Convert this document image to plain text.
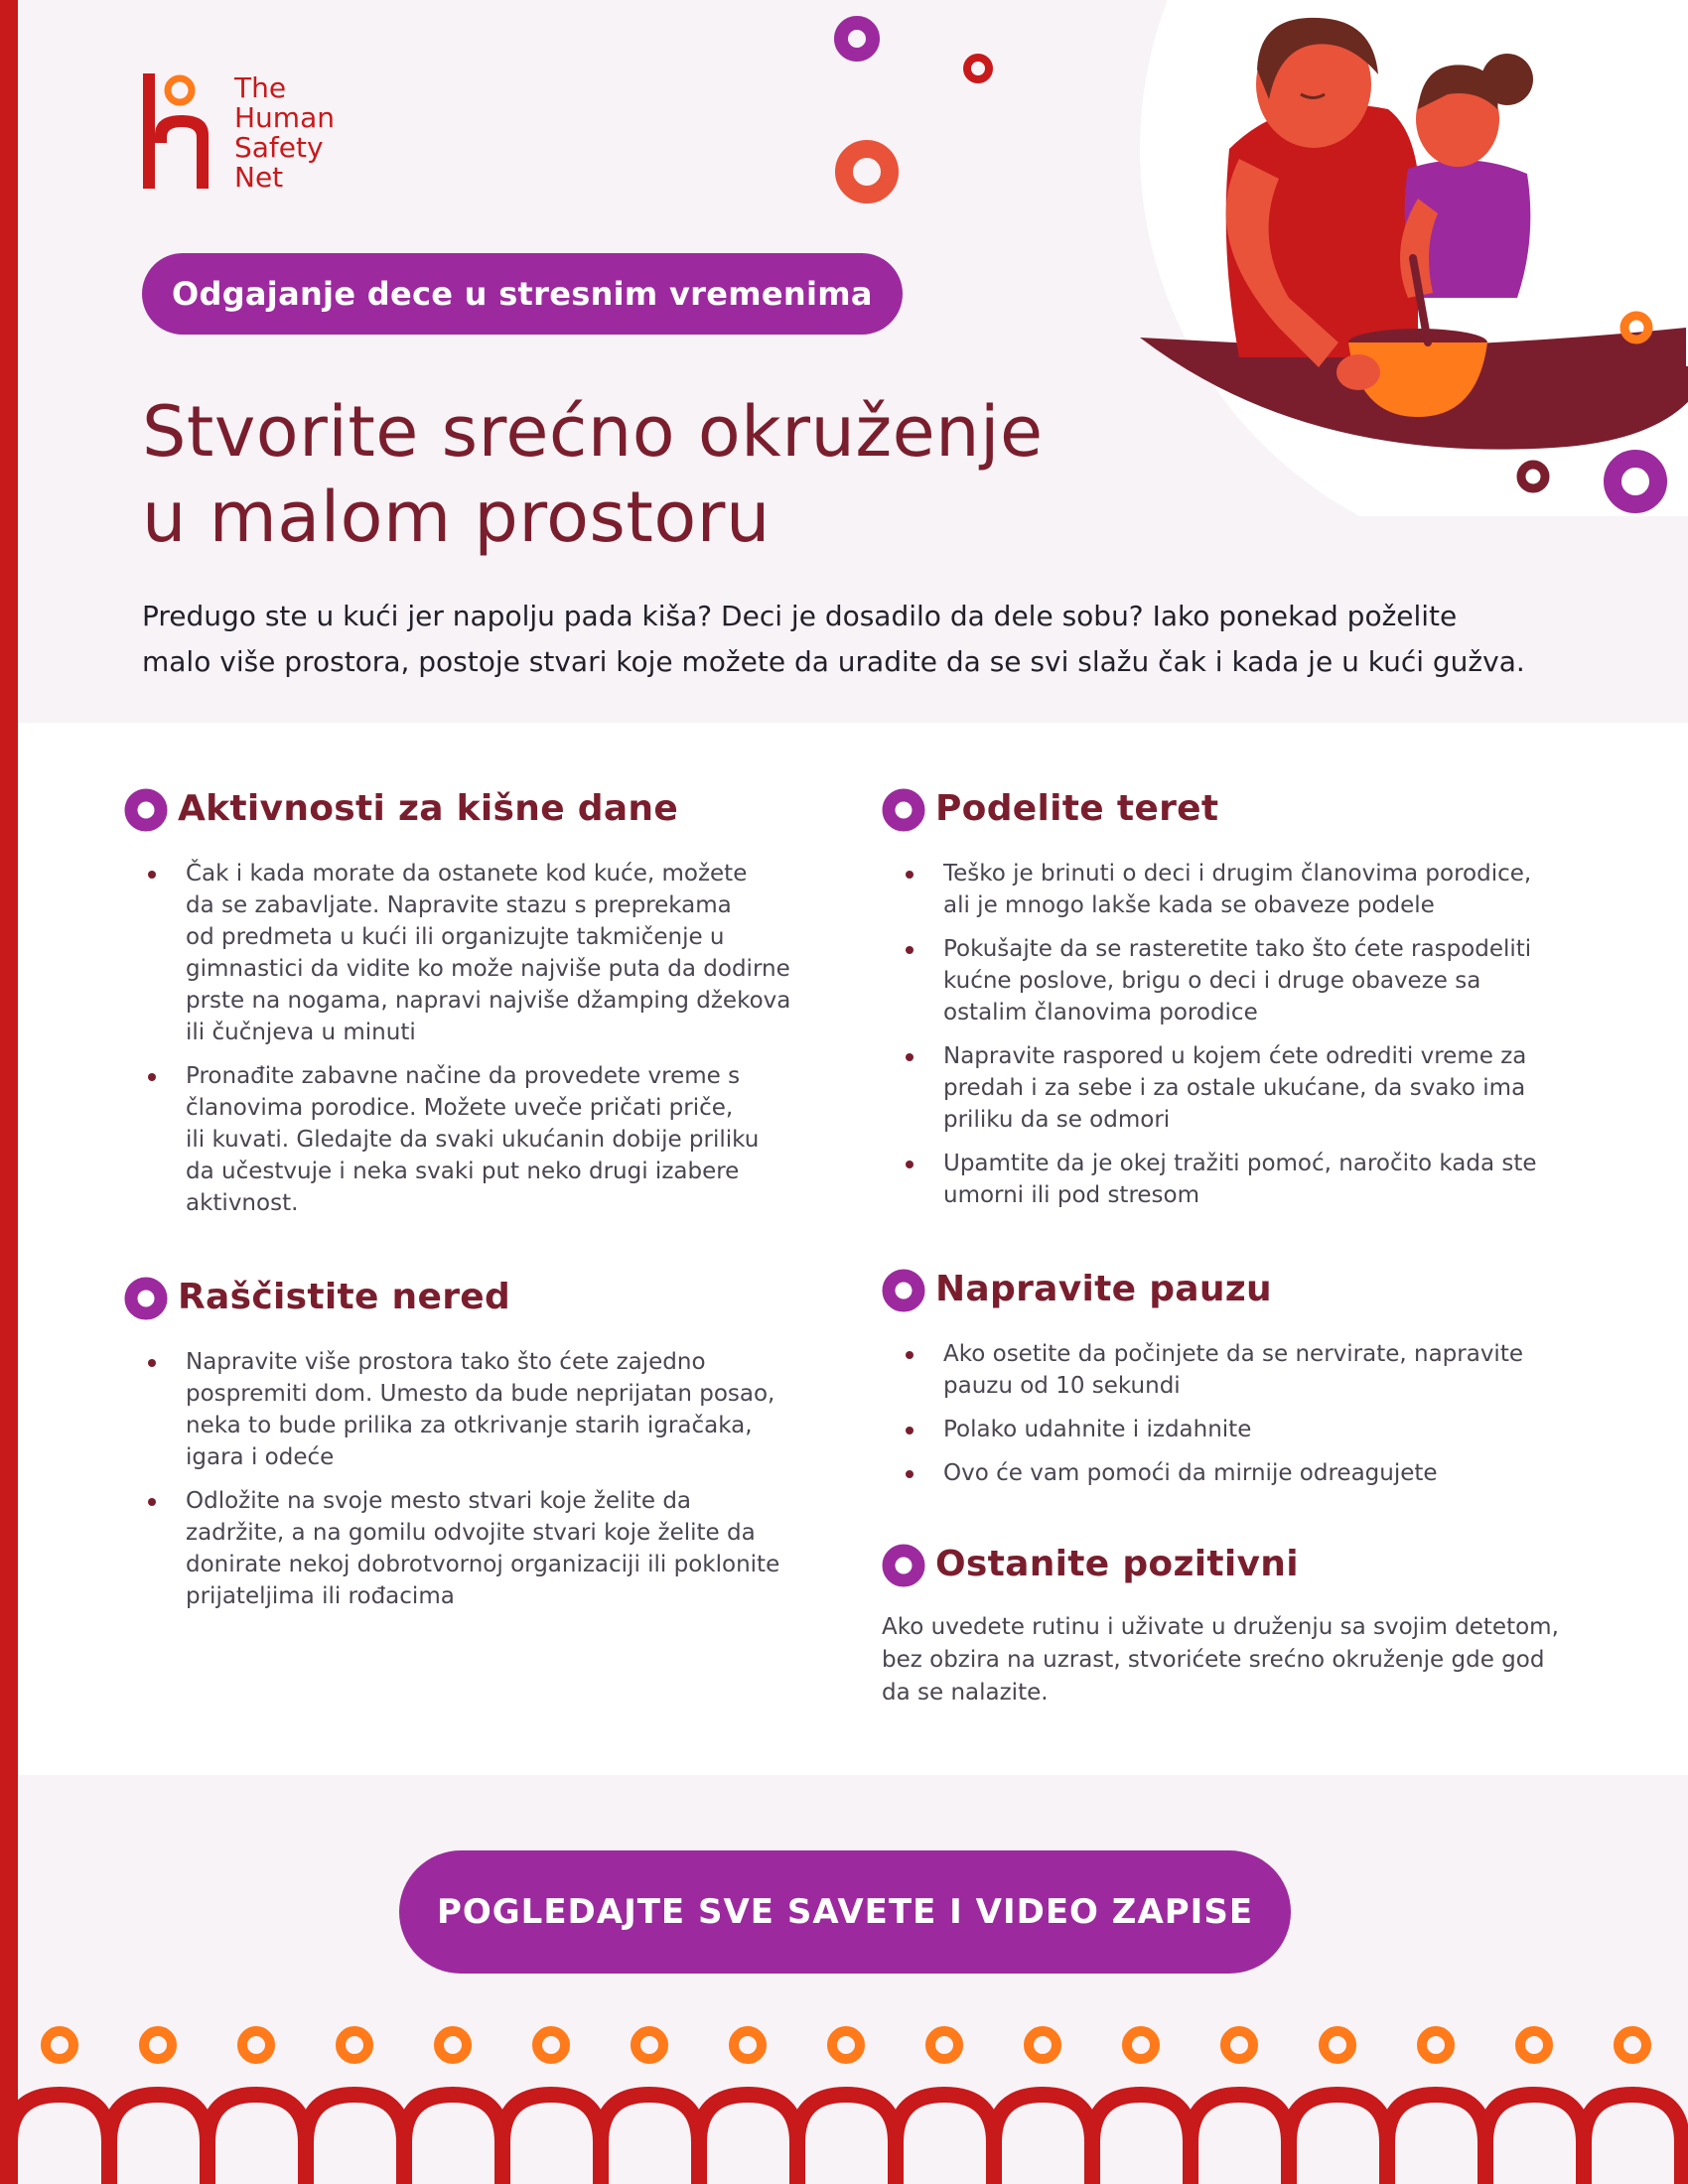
The
Human
Safety
Net
Odgajanje dece u stresnim vremenima
Stvorite srećno okruženje
u malom prostoru
Predugo ste u kući jer napolju pada kiša? Deci je dosadilo da dele sobu? Iako ponekad poželite
malo više prostora, postoje stvari koje možete da uradite da se svi slažu čak i kada je u kući gužva.
Aktivnosti za kišne dane
Čak i kada morate da ostanete kod kuće, možete
da se zabavljate. Napravite stazu s preprekama
od predmeta u kući ili organizujte takmičenje u
gimnastici da vidite ko može najviše puta da dodirne
prste na nogama, napravi najviše džamping džekova
ili čučnjeva u minuti
Pronađite zabavne načine da provedete vreme s
članovima porodice. Možete uveče pričati priče,
ili kuvati. Gledajte da svaki ukućanin dobije priliku
da učestvuje i neka svaki put neko drugi izabere
aktivnost.
Raščistite nered
Napravite više prostora tako što ćete zajedno
pospremiti dom. Umesto da bude neprijatan posao,
neka to bude prilika za otkrivanje starih igračaka,
igara i odeće
Odložite na svoje mesto stvari koje želite da
zadržite, a na gomilu odvojite stvari koje želite da
donirate nekoj dobrotvornoj organizaciji ili poklonite
prijateljima ili rođacima
Podelite teret
Teško je brinuti o deci i drugim članovima porodice,
ali je mnogo lakše kada se obaveze podele
Pokušajte da se rasteretite tako što ćete raspodeliti
kućne poslove, brigu o deci i druge obaveze sa
ostalim članovima porodice
Napravite raspored u kojem ćete odrediti vreme za
predah i za sebe i za ostale ukućane, da svako ima
priliku da se odmori
Upamtite da je okej tražiti pomoć, naročito kada ste
umorni ili pod stresom
Napravite pauzu
Ako osetite da počinjete da se nervirate, napravite
pauzu od 10 sekundi
Polako udahnite i izdahnite
Ovo će vam pomoći da mirnije odreagujete
Ostanite pozitivni
Ako uvedete rutinu i uživate u druženju sa svojim detetom,
bez obzira na uzrast, stvorićete srećno okruženje gde god
da se nalazite.
POGLEDAJTE SVE SAVETE I VIDEO ZAPISE
